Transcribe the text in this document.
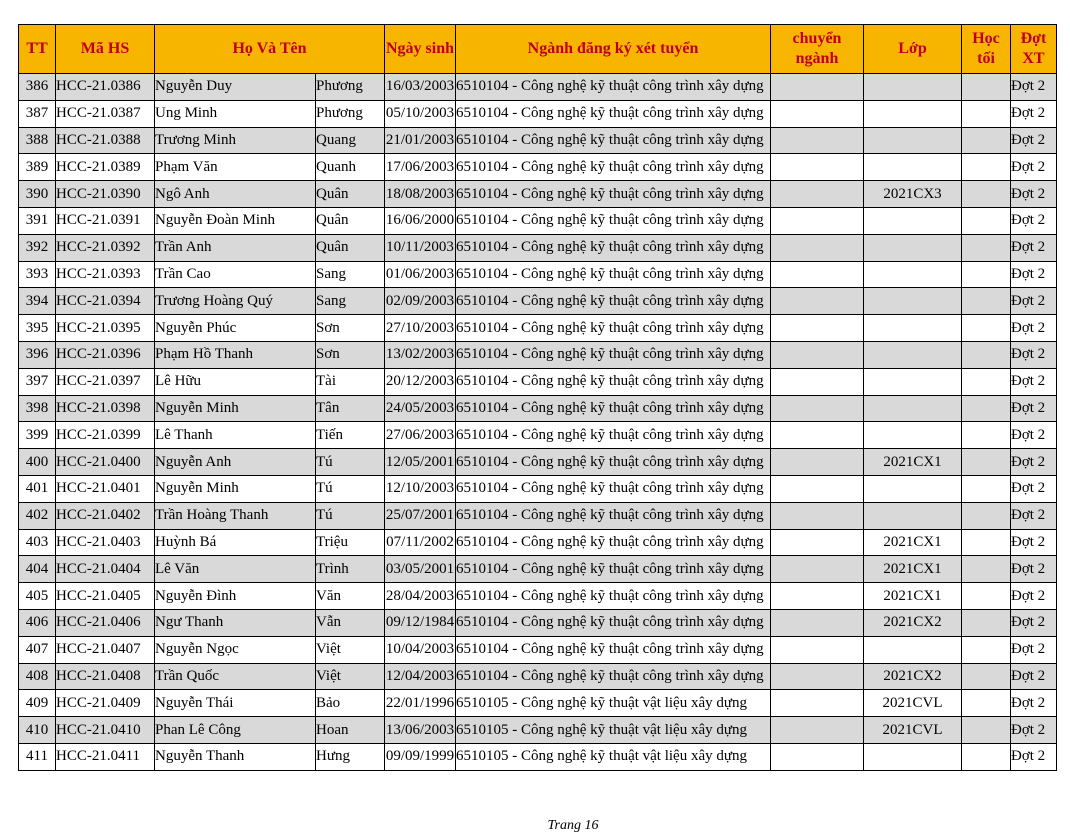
TT	Mã HS	Họ Và Tên		Ngày sinh	Ngành đăng ký xét tuyển	chuyển ngành	Lớp	Học tối	Đợt XT
386	HCC-21.0386	Nguyễn Duy	Phương	16/03/2003	6510104 - Công nghệ kỹ thuật công trình xây dựng				Đợt 2
387	HCC-21.0387	Ung Minh	Phương	05/10/2003	6510104 - Công nghệ kỹ thuật công trình xây dựng				Đợt 2
388	HCC-21.0388	Trương Minh	Quang	21/01/2003	6510104 - Công nghệ kỹ thuật công trình xây dựng				Đợt 2
389	HCC-21.0389	Phạm Văn	Quanh	17/06/2003	6510104 - Công nghệ kỹ thuật công trình xây dựng				Đợt 2
390	HCC-21.0390	Ngô Anh	Quân	18/08/2003	6510104 - Công nghệ kỹ thuật công trình xây dựng		2021CX3		Đợt 2
391	HCC-21.0391	Nguyễn Đoàn Minh	Quân	16/06/2000	6510104 - Công nghệ kỹ thuật công trình xây dựng				Đợt 2
392	HCC-21.0392	Trần Anh	Quân	10/11/2003	6510104 - Công nghệ kỹ thuật công trình xây dựng				Đợt 2
393	HCC-21.0393	Trần Cao	Sang	01/06/2003	6510104 - Công nghệ kỹ thuật công trình xây dựng				Đợt 2
394	HCC-21.0394	Trương Hoàng Quý	Sang	02/09/2003	6510104 - Công nghệ kỹ thuật công trình xây dựng				Đợt 2
395	HCC-21.0395	Nguyễn Phúc	Sơn	27/10/2003	6510104 - Công nghệ kỹ thuật công trình xây dựng				Đợt 2
396	HCC-21.0396	Phạm Hồ Thanh	Sơn	13/02/2003	6510104 - Công nghệ kỹ thuật công trình xây dựng				Đợt 2
397	HCC-21.0397	Lê Hữu	Tài	20/12/2003	6510104 - Công nghệ kỹ thuật công trình xây dựng				Đợt 2
398	HCC-21.0398	Nguyễn Minh	Tân	24/05/2003	6510104 - Công nghệ kỹ thuật công trình xây dựng				Đợt 2
399	HCC-21.0399	Lê Thanh	Tiến	27/06/2003	6510104 - Công nghệ kỹ thuật công trình xây dựng				Đợt 2
400	HCC-21.0400	Nguyễn Anh	Tú	12/05/2001	6510104 - Công nghệ kỹ thuật công trình xây dựng		2021CX1		Đợt 2
401	HCC-21.0401	Nguyễn Minh	Tú	12/10/2003	6510104 - Công nghệ kỹ thuật công trình xây dựng				Đợt 2
402	HCC-21.0402	Trần Hoàng Thanh	Tú	25/07/2001	6510104 - Công nghệ kỹ thuật công trình xây dựng				Đợt 2
403	HCC-21.0403	Huỳnh Bá	Triệu	07/11/2002	6510104 - Công nghệ kỹ thuật công trình xây dựng		2021CX1		Đợt 2
404	HCC-21.0404	Lê Văn	Trình	03/05/2001	6510104 - Công nghệ kỹ thuật công trình xây dựng		2021CX1		Đợt 2
405	HCC-21.0405	Nguyễn Đình	Văn	28/04/2003	6510104 - Công nghệ kỹ thuật công trình xây dựng		2021CX1		Đợt 2
406	HCC-21.0406	Ngư Thanh	Vẫn	09/12/1984	6510104 - Công nghệ kỹ thuật công trình xây dựng		2021CX2		Đợt 2
407	HCC-21.0407	Nguyễn Ngọc	Việt	10/04/2003	6510104 - Công nghệ kỹ thuật công trình xây dựng				Đợt 2
408	HCC-21.0408	Trần Quốc	Việt	12/04/2003	6510104 - Công nghệ kỹ thuật công trình xây dựng		2021CX2		Đợt 2
409	HCC-21.0409	Nguyễn Thái	Bảo	22/01/1996	6510105 - Công nghệ kỹ thuật vật liệu xây dựng		2021CVL		Đợt 2
410	HCC-21.0410	Phan Lê Công	Hoan	13/06/2003	6510105 - Công nghệ kỹ thuật vật liệu xây dựng		2021CVL		Đợt 2
411	HCC-21.0411	Nguyễn Thanh	Hưng	09/09/1999	6510105 - Công nghệ kỹ thuật vật liệu xây dựng				Đợt 2
Trang 16
